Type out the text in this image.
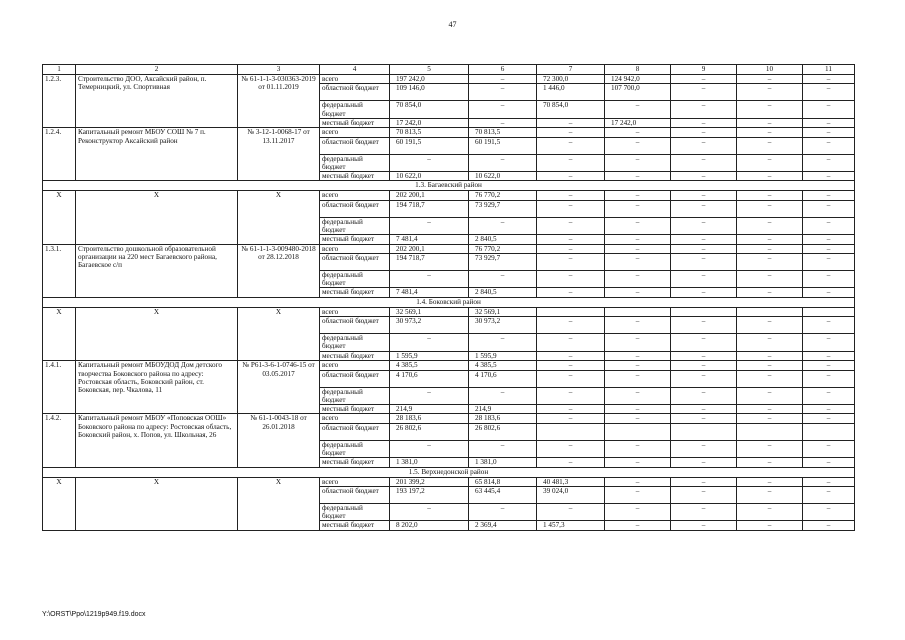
47
1	2	3	4	5	6	7	8	9	10	11
1.2.3.	Строительство ДОО, Аксайский район, п. Темерницкий, ул. Спортивная	№ 61-1-1-3-030363-2019 от 01.11.2019	всего	197 242,0	–	72 300,0	124 942,0	–	–	–
			областной бюджет	109 146,0	–	1 446,0	107 700,0	–	–	–
			федеральный бюджет	70 854,0	–	70 854,0	–	–	–	–
			местный бюджет	17 242,0	–	–	17 242,0	–	–	–
1.2.4.	Капитальный ремонт МБОУ СОШ № 7 п. Реконструктор Аксайский район	№ 3-12-1-0068-17 от 13.11.2017	всего	70 813,5	70 813,5	–	–	–	–	–
			областной бюджет	60 191,5	60 191,5	–	–	–	–	–
			федеральный бюджет	–	–	–	–	–	–	–
			местный бюджет	10 622,0	10 622,0	–	–	–	–	–
1.3. Багаевский район										
X	X	X	всего	202 200,1	76 770,2	–	–	–	–	–
			областной бюджет	194 718,7	73 929,7	–	–	–	–	–
			федеральный бюджет	–	–	–	–	–	–	–
			местный бюджет	7 481,4	2 840,5	–	–	–	–	–
1.3.1.	Строительство дошкольной образовательной организации на 220 мест Багаевского района, Багаевское с/п	№ 61-1-1-3-009480-2018 от 28.12.2018	всего	202 200,1	76 770,2	–	–	–	–	–
			областной бюджет	194 718,7	73 929,7	–	–	–	–	–
			федеральный бюджет	–	–	–	–	–	–	–
			местный бюджет	7 481,4	2 840,5	–	–	–	–	–
1.4. Боковский район										
X	X	X	всего	32 569,1	32 569,1					
			областной бюджет	30 973,2	30 973,2	–	–	–	–	–
			федеральный бюджет	–	–	–	–	–	–	–
			местный бюджет	1 595,9	1 595,9	–	–	–	–	–
1.4.1.	Капитальный ремонт МБОУДОД Дом детского творчества Боковского района по адресу: Ростовская область, Боковский район, ст. Боковская, пер. Чкалова, 11	№ Р61-3-6-1-0746-15 от 03.05.2017	всего	4 385,5	4 385,5	–	–	–	–	–
			областной бюджет	4 170,6	4 170,6	–	–	–	–	–
			федеральный бюджет	–	–	–	–	–	–	–
			местный бюджет	214,9	214,9	–	–	–	–	–
1.4.2.	Капитальный ремонт МБОУ «Поповская ООШ» Боковского района по адресу: Ростовская область, Боковский район, х. Попов, ул. Школьная, 26	№ 61-1-0043-18 от 26.01.2018	всего	28 183,6	28 183,6	–	–	–	–	–
			областной бюджет	26 802,6	26 802,6					
			федеральный бюджет	–	–	–	–	–	–	–
			местный бюджет	1 381,0	1 381,0	–	–	–	–	–
1.5. Верхнедонской район										
X	X	X	всего	201 399,2	65 814,8	40 481,3	–	–	–	–
			областной бюджет	193 197,2	63 445,4	39 024,0	–	–	–	–
			федеральный бюджет	–	–	–	–	–	–	–
			местный бюджет	8 202,0	2 369,4	1 457,3	–	–	–	–
Y:\ORST\Ppo\1219p949.f19.docx
